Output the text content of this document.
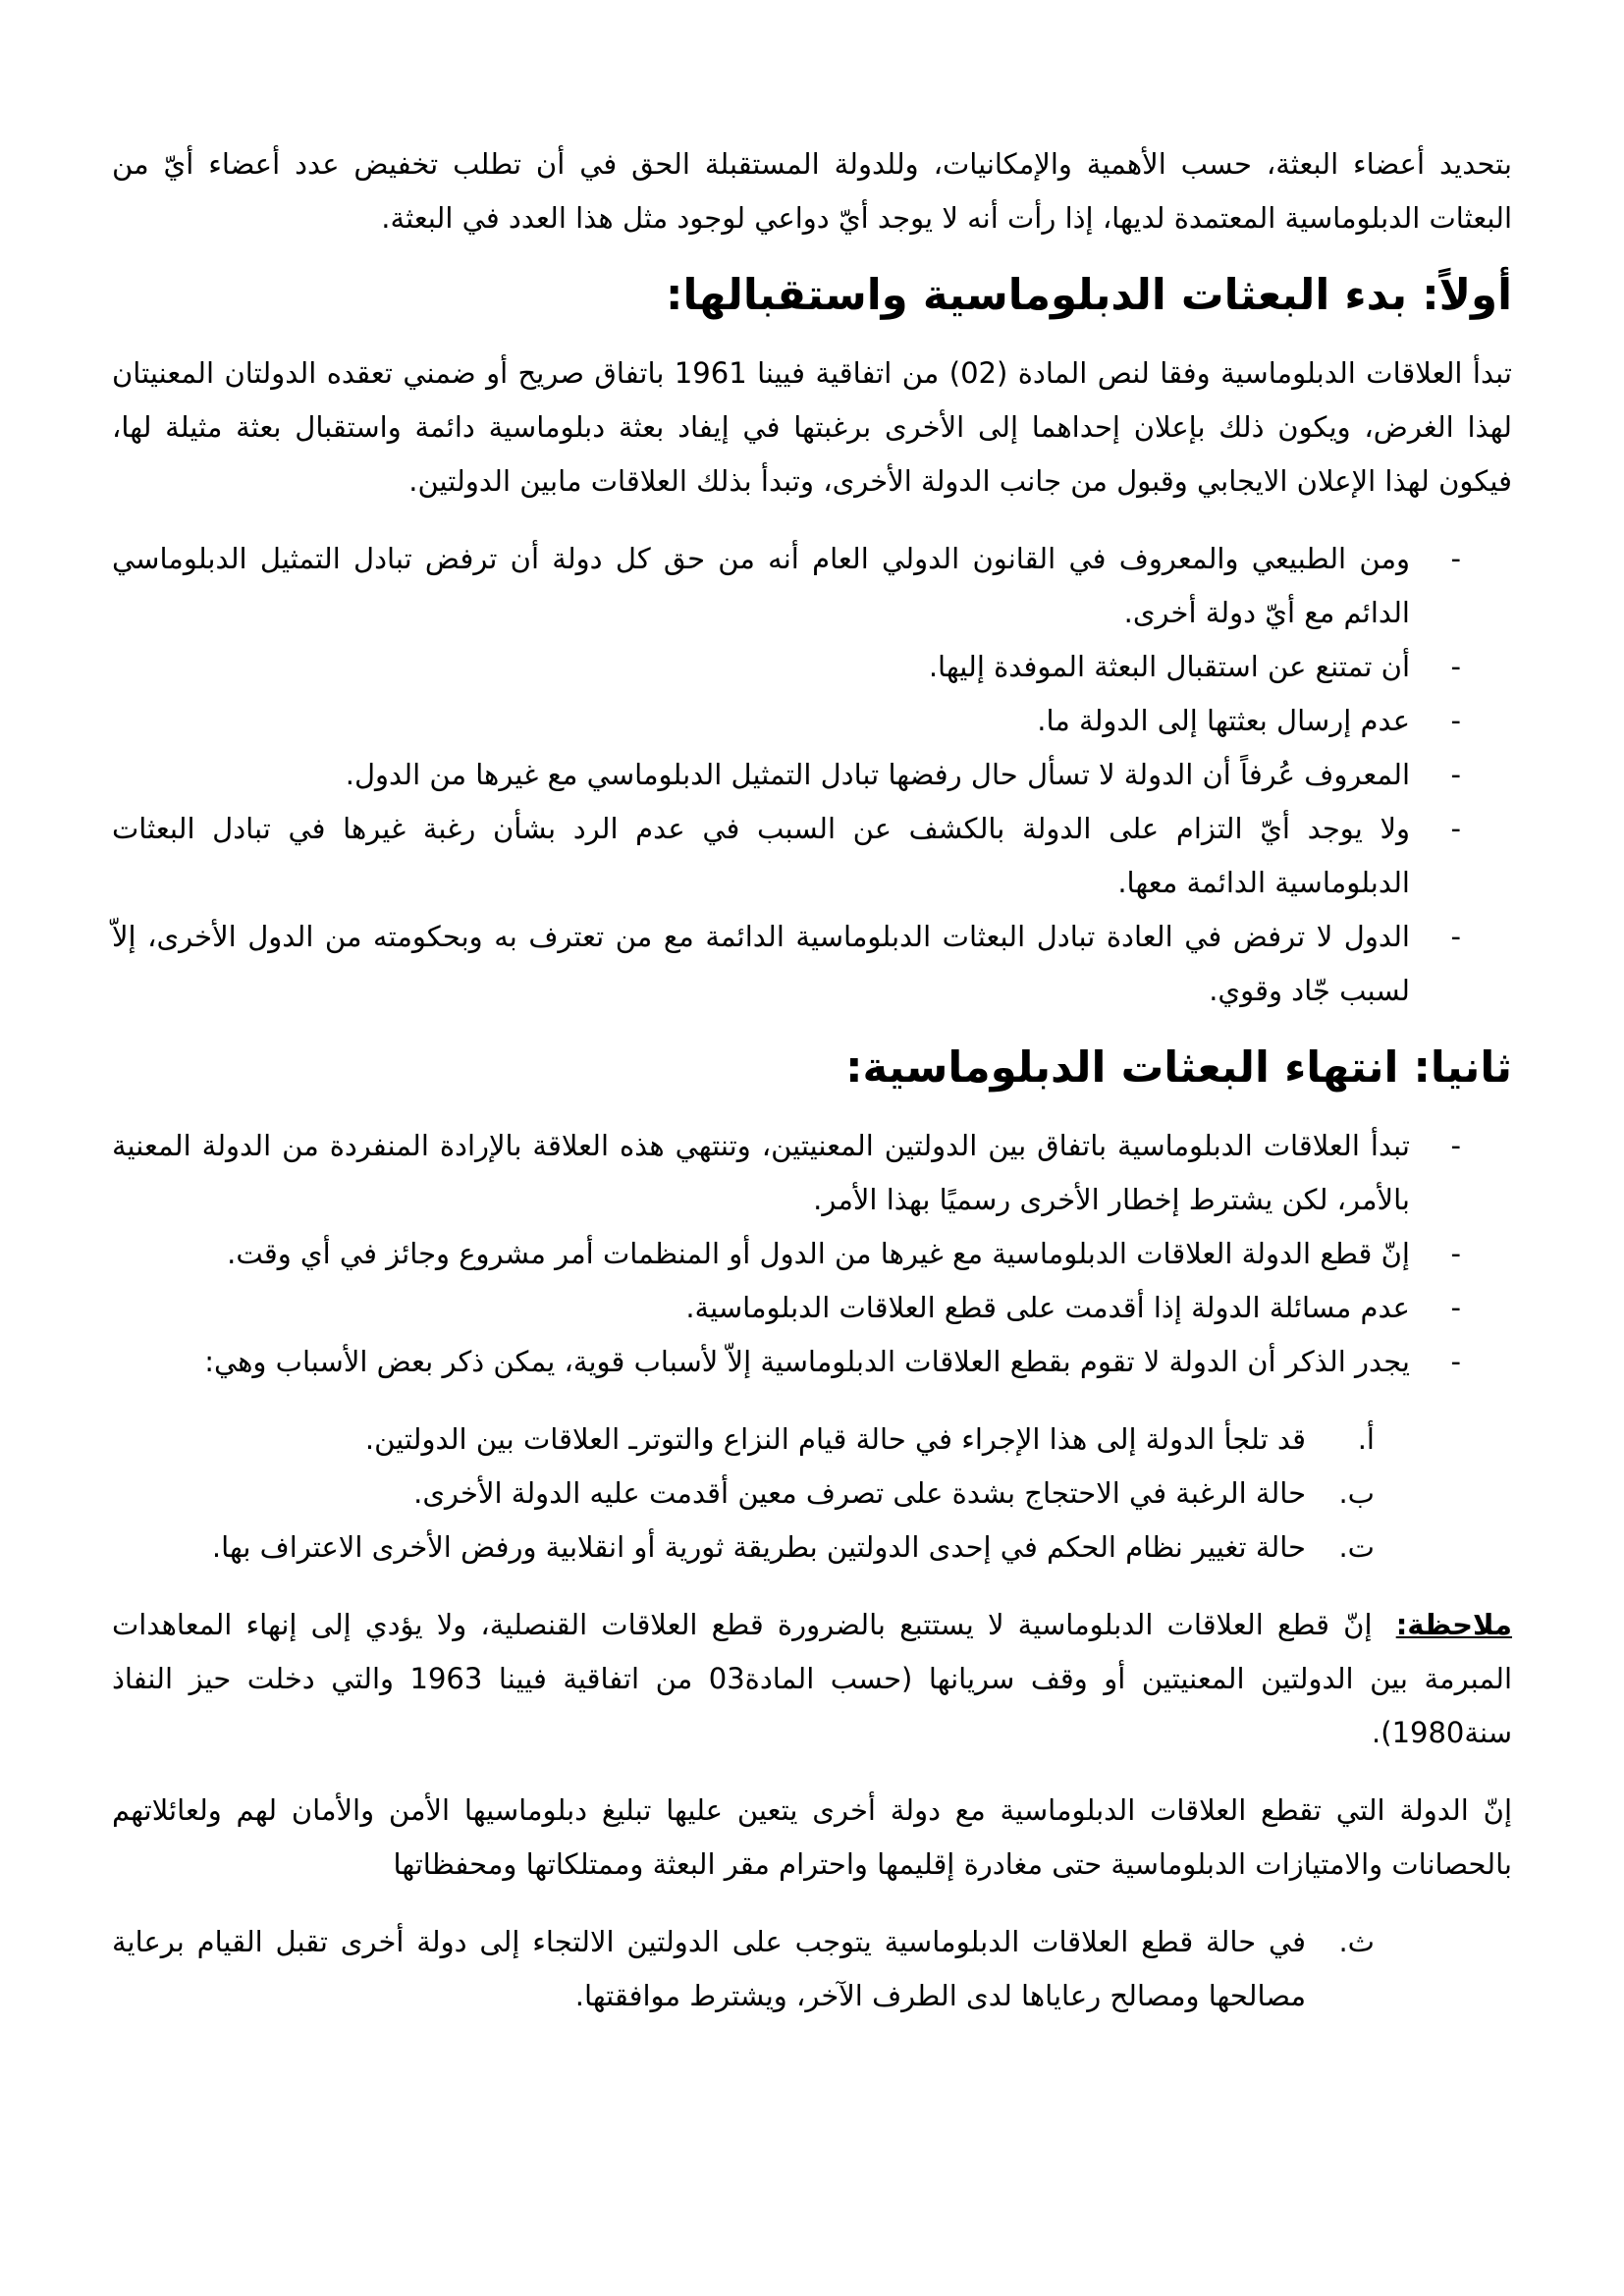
بتحديد أعضاء البعثة، حسب الأهمية والإمكانيات، وللدولة المستقبلة الحق في أن تطلب تخفيض عدد أعضاء أيّ من البعثات الدبلوماسية المعتمدة لديها، إذا رأت أنه لا يوجد أيّ دواعي لوجود مثل هذا العدد في البعثة.

أولاً: بدء البعثات الدبلوماسية واستقبالها:

تبدأ العلاقات الدبلوماسية وفقا لنص المادة (02) من اتفاقية فيينا 1961 باتفاق صريح أو ضمني تعقده الدولتان المعنيتان لهذا الغرض، ويكون ذلك بإعلان إحداهما إلى الأخرى برغبتها في إيفاد بعثة دبلوماسية دائمة واستقبال بعثة مثيلة لها، فيكون لهذا الإعلان الايجابي وقبول من جانب الدولة الأخرى، وتبدأ بذلك العلاقات مابين الدولتين.

-
ومن الطبيعي والمعروف في القانون الدولي العام أنه من حق كل دولة أن ترفض تبادل التمثيل الدبلوماسي الدائم مع أيّ دولة أخرى.
-
أن تمتنع عن استقبال البعثة الموفدة إليها.
-
عدم إرسال بعثتها إلى الدولة ما.
-
المعروف عُرفاً أن الدولة لا تسأل حال رفضها تبادل التمثيل الدبلوماسي مع غيرها من الدول.
-
ولا يوجد أيّ التزام على الدولة بالكشف عن السبب في عدم الرد بشأن رغبة غيرها في تبادل البعثات الدبلوماسية الدائمة معها.
-
الدول لا ترفض في العادة تبادل البعثات الدبلوماسية الدائمة مع من تعترف به وبحكومته من الدول الأخرى، إلاّ لسبب جّاد وقوي.
ثانيا: انتهاء البعثات الدبلوماسية:
-
تبدأ العلاقات الدبلوماسية باتفاق بين الدولتين المعنيتين، وتنتهي هذه العلاقة بالإرادة المنفردة من الدولة المعنية بالأمر، لكن يشترط إخطار الأخرى رسميًا بهذا الأمر.
-
إنّ قطع الدولة العلاقات الدبلوماسية مع غيرها من الدول أو المنظمات أمر مشروع وجائز في أي وقت.
-
عدم مسائلة الدولة إذا أقدمت على قطع العلاقات الدبلوماسية.
-
يجدر الذكر أن الدولة لا تقوم بقطع العلاقات الدبلوماسية إلاّ لأسباب قوية، يمكن ذكر بعض الأسباب وهي:
أ.
قد تلجأ الدولة إلى هذا الإجراء في حالة قيام النزاع والتوترـ العلاقات بين الدولتين.
ب.
حالة الرغبة في الاحتجاج بشدة على تصرف معين أقدمت عليه الدولة الأخرى.
ت.
حالة تغيير نظام الحكم في إحدى الدولتين بطريقة ثورية أو انقلابية ورفض الأخرى الاعتراف بها.

ملاحظة: إنّ قطع العلاقات الدبلوماسية لا يستتبع بالضرورة قطع العلاقات القنصلية، ولا يؤدي إلى إنهاء المعاهدات المبرمة بين الدولتين المعنيتين أو وقف سريانها (حسب المادة03 من اتفاقية فيينا 1963 والتي دخلت حيز النفاذ سنة1980).

إنّ الدولة التي تقطع العلاقات الدبلوماسية مع دولة أخرى يتعين عليها تبليغ دبلوماسيها الأمن والأمان لهم ولعائلاتهم بالحصانات والامتيازات الدبلوماسية حتى مغادرة إقليمها واحترام مقر البعثة وممتلكاتها ومحفظاتها

ث.
في حالة قطع العلاقات الدبلوماسية يتوجب على الدولتين الالتجاء إلى دولة أخرى تقبل القيام برعاية مصالحها ومصالح رعاياها لدى الطرف الآخر، ويشترط موافقتها.
